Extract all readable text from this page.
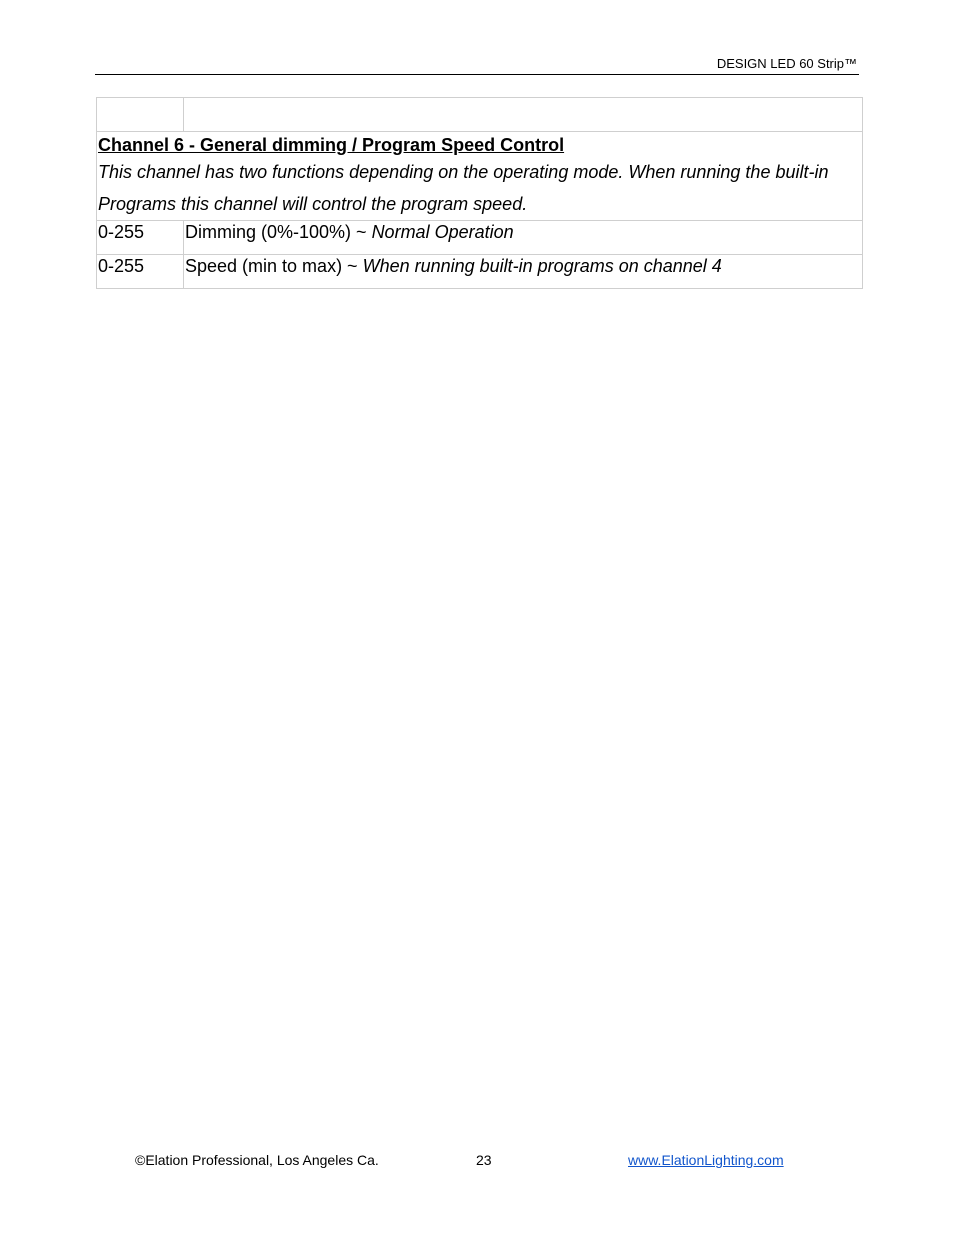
DESIGN LED 60 Strip™

Channel 6 - General dimming / Program Speed Control
This channel has two functions depending on the operating mode. When running the built-in Programs this channel will control the program speed.	

0-255	Dimming (0%-100%) ~ Normal Operation
0-255	Speed (min to max) ~ When running built-in programs on channel 4
©Elation Professional, Los Angeles Ca.	23	www.ElationLighting.com
